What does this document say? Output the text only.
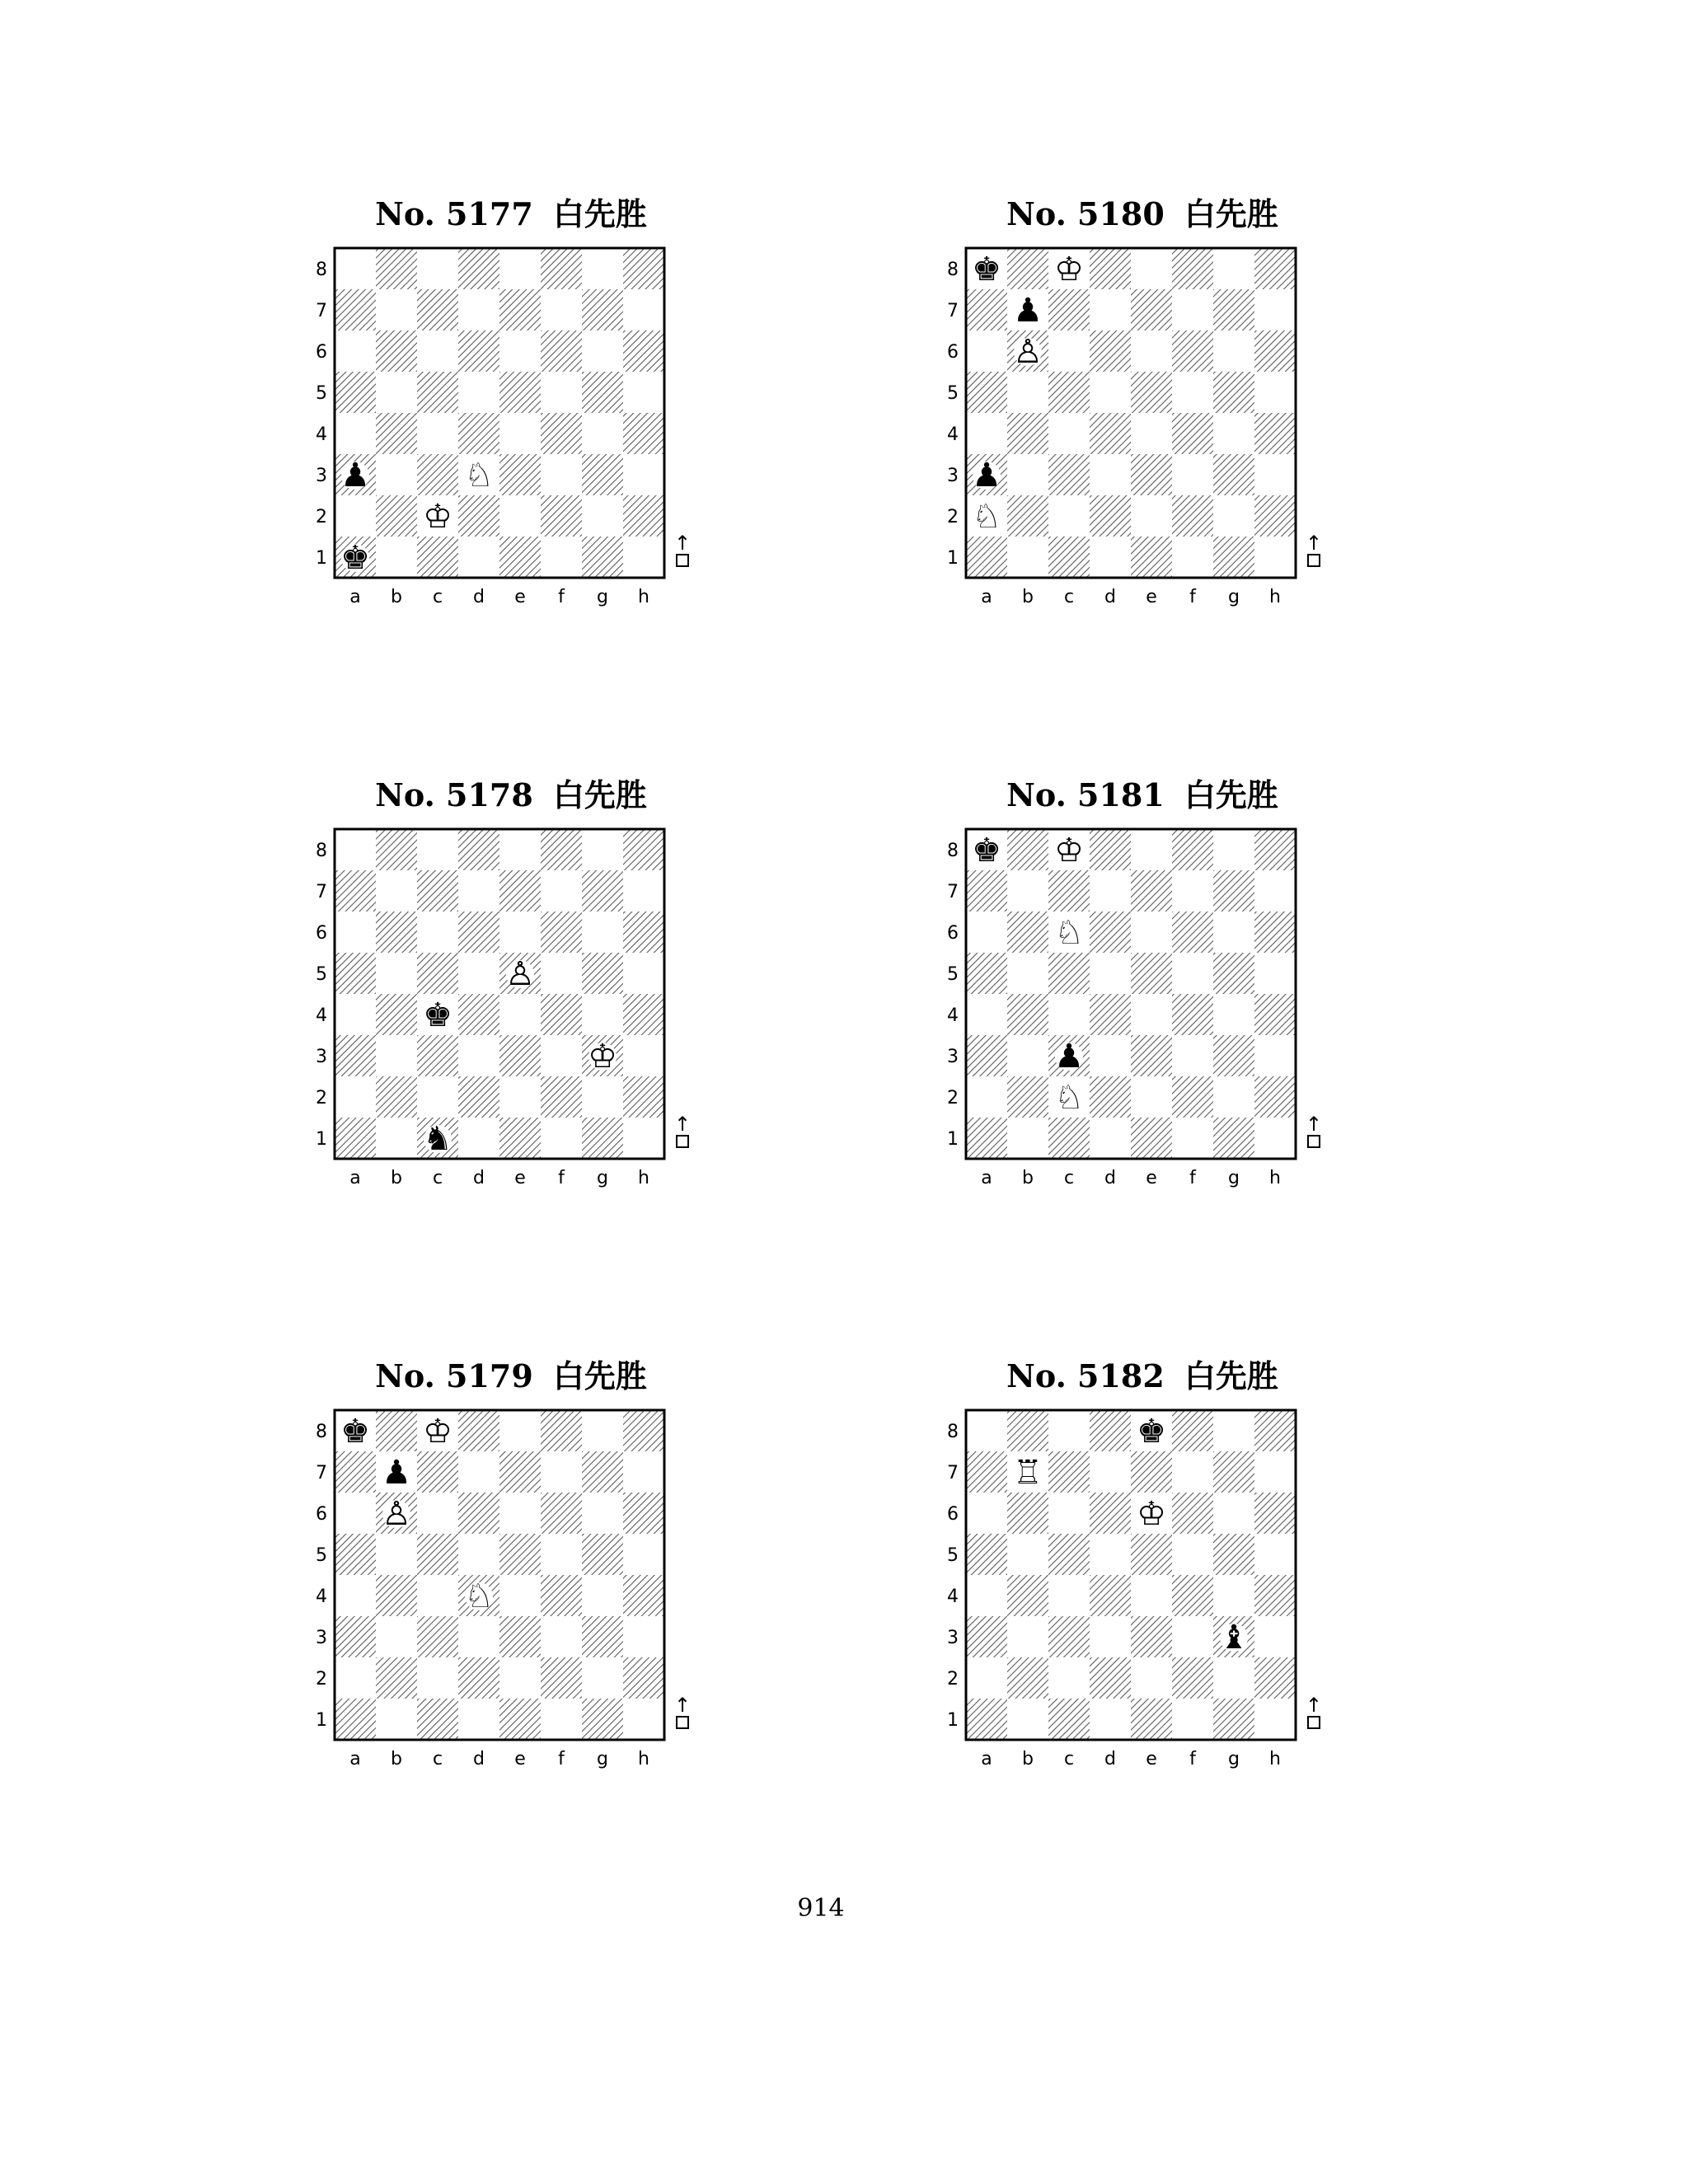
No. 5177 白先胜
8
7
6
5
4
3
2
1
a b c d e f g h
↑
♟
♚
♔
♘
No. 5180 白先胜
8
7
6
5
4
3
2
1
a b c d e f g h
↑
♚ ♔
♟
♙
♟
♘
No. 5178 白先胜
8
7
6
5
4
3
2
1
a b c d e f g h
↑
♙
♚
♔
♞
No. 5181 白先胜
8
7
6
5
4
3
2
1
a b c d e f g h
↑
♚ ♔
♘
♟
♘
No. 5179 白先胜
8
7
6
5
4
3
2
1
a b c d e f g h
↑
♚ ♔
♟
♙
♘
No. 5182 白先胜
8
7
6
5
4
3
2
1
a b c d e f g h
↑
♚
♖
♔
♝
914
